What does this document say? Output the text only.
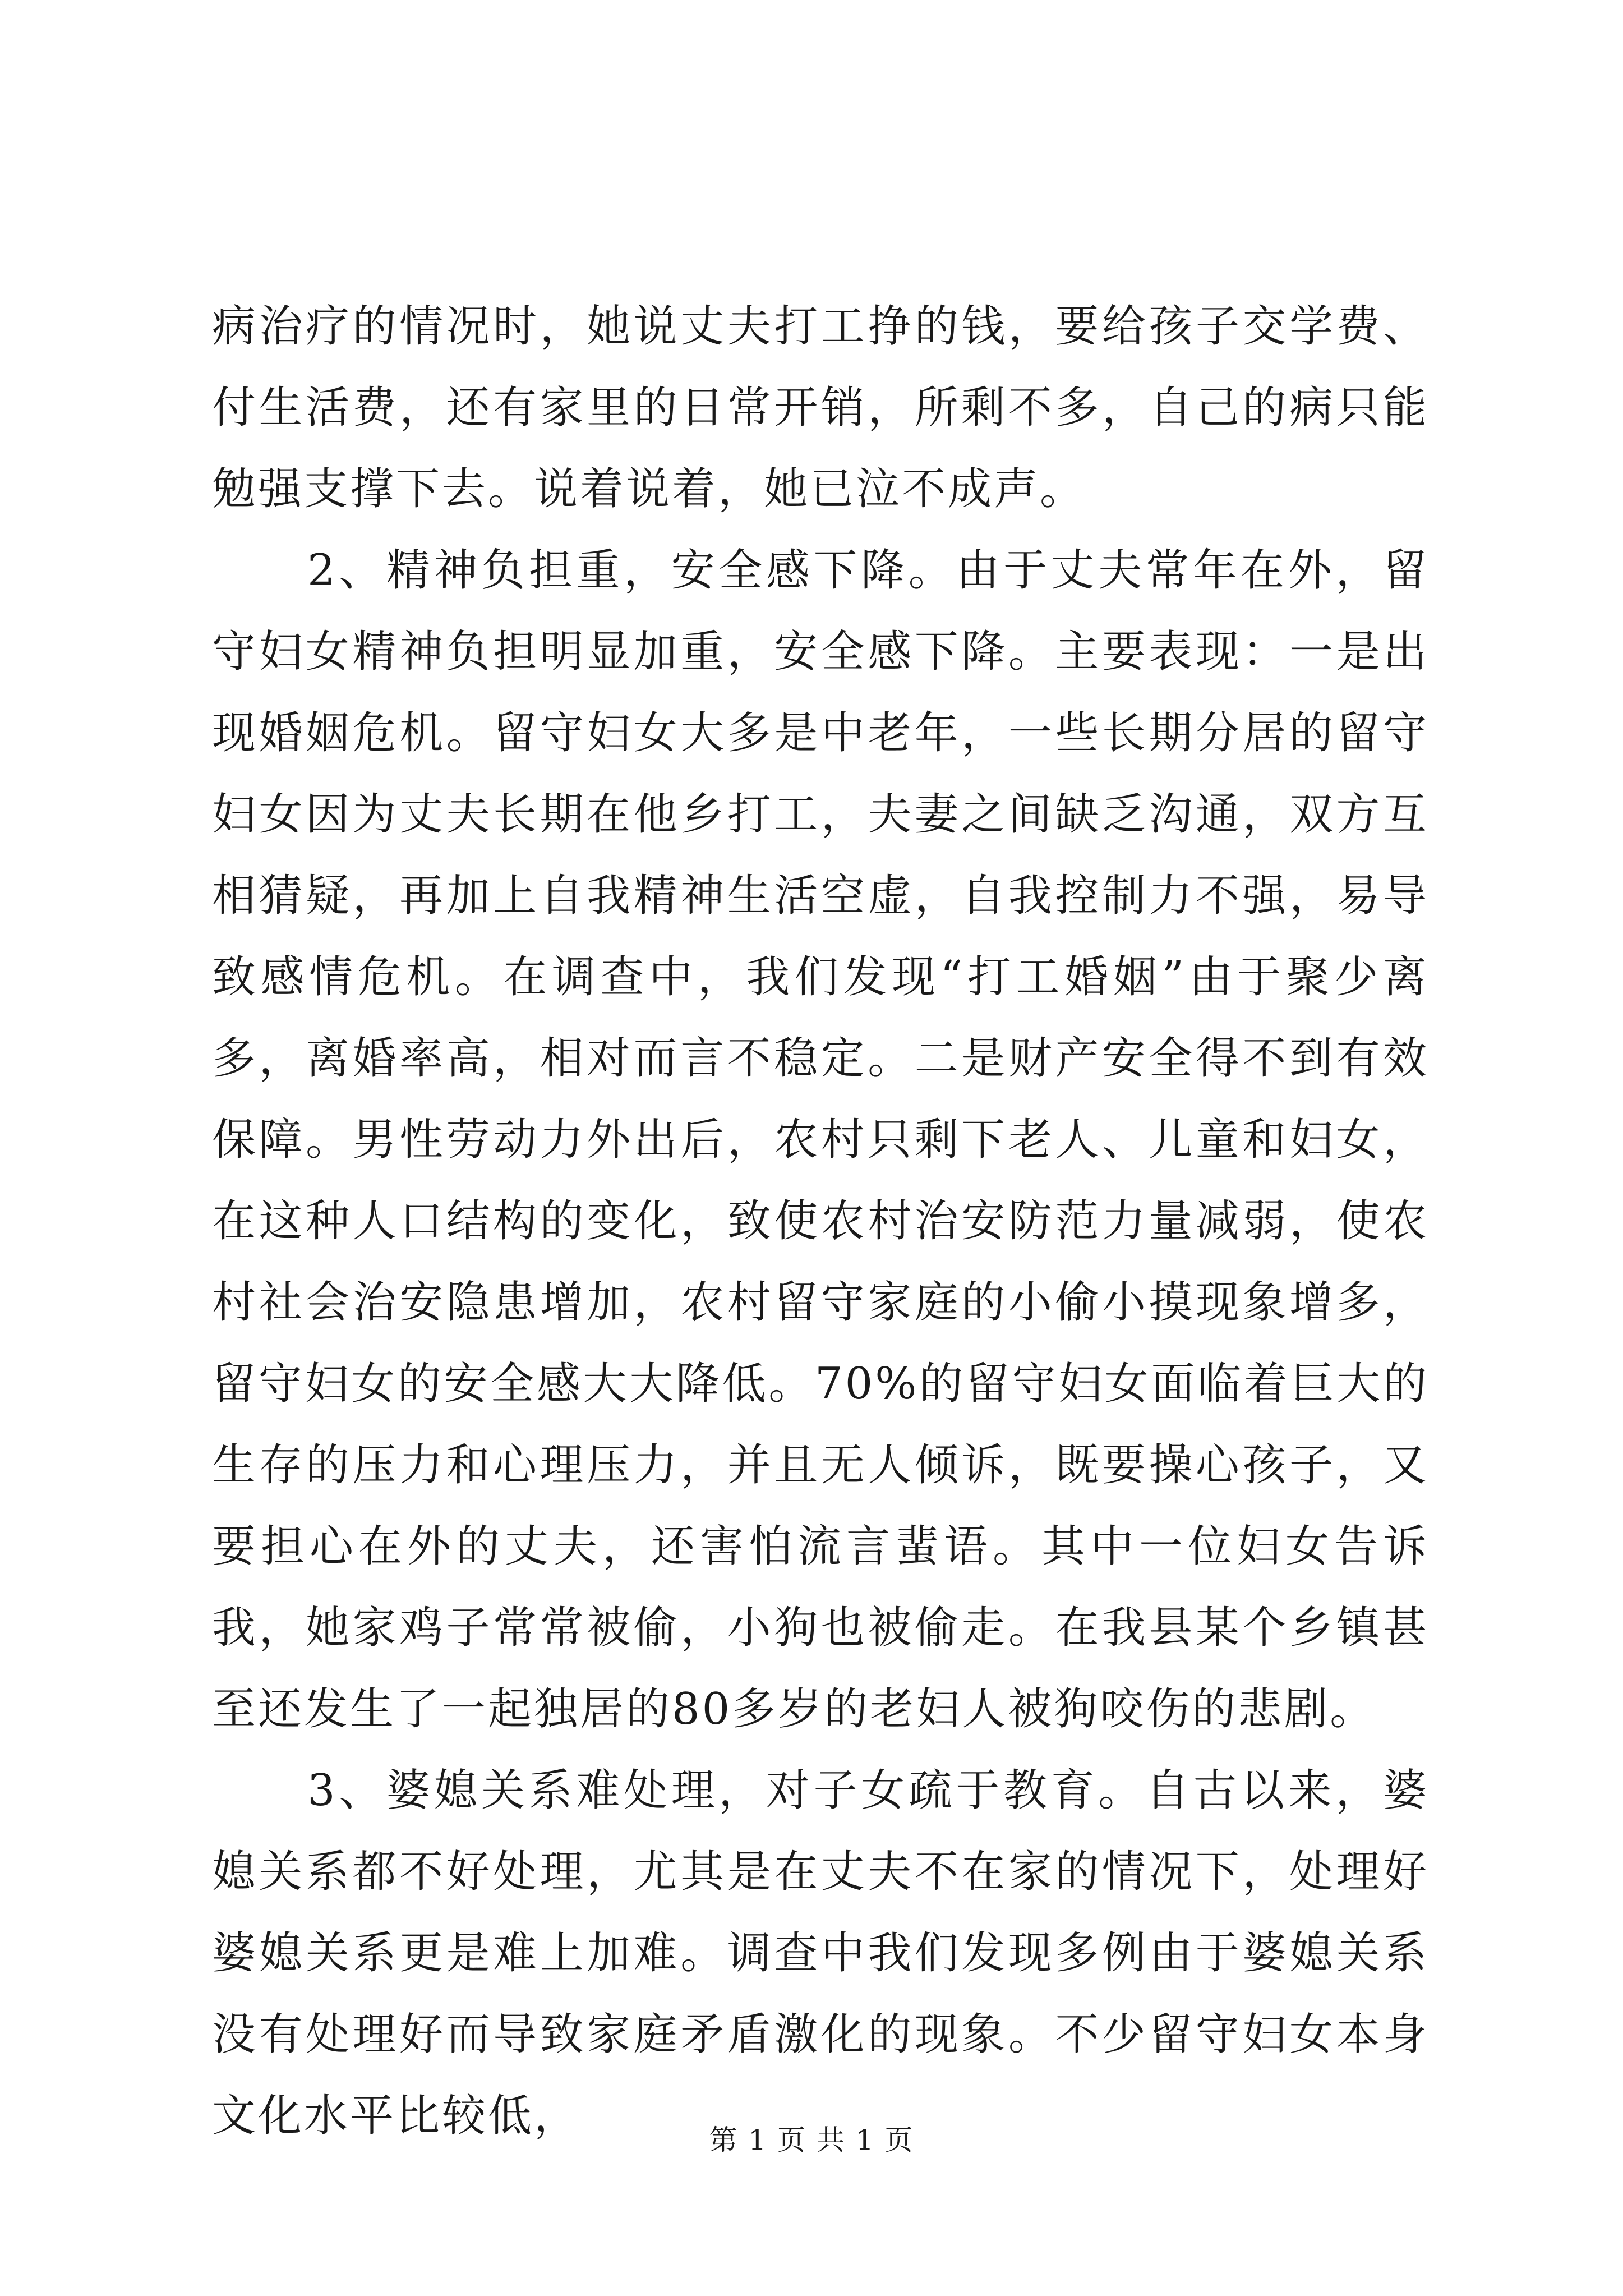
病治疗的情况时，她说丈夫打工挣的钱，要给孩子交学费、付生活费，还有家里的日常开销，所剩不多，自己的病只能勉强支撑下去。说着说着，她已泣不成声。

2、精神负担重，安全感下降。由于丈夫常年在外，留守妇女精神负担明显加重，安全感下降。主要表现：一是出现婚姻危机。留守妇女大多是中老年，一些长期分居的留守妇女因为丈夫长期在他乡打工，夫妻之间缺乏沟通，双方互相猜疑，再加上自我精神生活空虚，自我控制力不强，易导致感情危机。在调查中，我们发现“打工婚姻”由于聚少离多，离婚率高，相对而言不稳定。二是财产安全得不到有效保障。男性劳动力外出后，农村只剩下老人、儿童和妇女，在这种人口结构的变化，致使农村治安防范力量减弱，使农村社会治安隐患增加，农村留守家庭的小偷小摸现象增多，留守妇女的安全感大大降低。70%的留守妇女面临着巨大的生存的压力和心理压力，并且无人倾诉，既要操心孩子，又要担心在外的丈夫，还害怕流言蜚语。其中一位妇女告诉我，她家鸡子常常被偷，小狗也被偷走。在我县某个乡镇甚至还发生了一起独居的80多岁的老妇人被狗咬伤的悲剧。

3、婆媳关系难处理，对子女疏于教育。自古以来，婆媳关系都不好处理，尤其是在丈夫不在家的情况下，处理好婆媳关系更是难上加难。调查中我们发现多例由于婆媳关系没有处理好而导致家庭矛盾激化的现象。不少留守妇女本身文化水平比较低，	第 1 页 共 1 页
